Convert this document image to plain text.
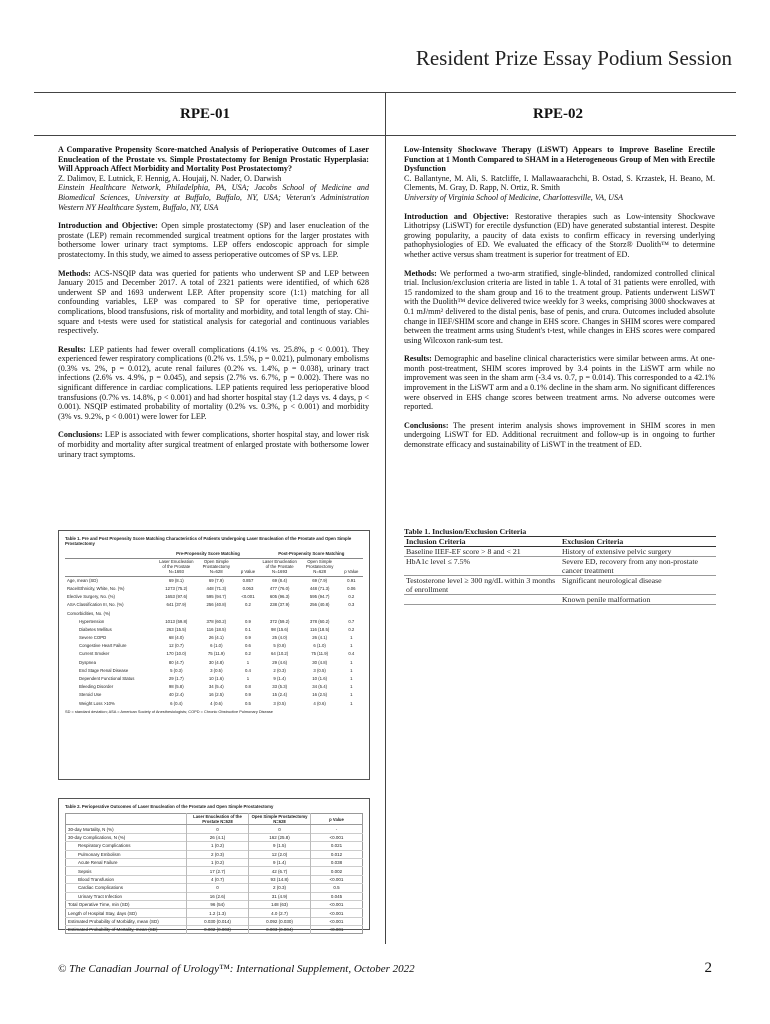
Resident Prize Essay Podium Session
RPE-01	RPE-02
A Comparative Propensity Score-matched Analysis of Perioperative Outcomes of Laser Enucleation of the Prostate vs. Simple Prostatectomy for Benign Prostatic Hyperplasia: Will Approach Affect Morbidity and Mortality Post Prostatectomy?
Z. Dalimov, E. Lutnick, F. Hennig, A. Houjaij, N. Nader, O. Darwish
Einstein Healthcare Network, Philadelphia, PA, USA; Jacobs School of Medicine and Biomedical Sciences, University at Buffalo, Buffalo, NY, USA; Veteran's Administration Western NY Healthcare System, Buffalo, NY, USA

Introduction and Objective: Open simple prostatectomy (SP) and laser enucleation of the prostate (LEP) remain recommended surgical treatment options for the larger prostates with bothersome lower urinary tract symptoms. LEP offers endoscopic approach for simple prostatectomy. In this study, we aimed to assess perioperative outcomes of SP vs. LEP.

Methods: ACS-NSQIP data was queried for patients who underwent SP and LEP between January 2015 and December 2017. A total of 2321 patients were identified, of which 628 underwent SP and 1693 underwent LEP. After propensity score (1:1) matching for all confounding variables, LEP was compared to SP for operative time, perioperative complications, blood transfusions, risk of mortality and morbidity, and total length of stay. Chi-square and t-tests were used for statistical analysis for categorial and continuous variables respectively.

Results: LEP patients had fewer overall complications (4.1% vs. 25.8%, p < 0.001). They experienced fewer respiratory complications (0.2% vs. 1.5%, p = 0.021), pulmonary embolisms (0.3% vs. 2%, p = 0.012), acute renal failures (0.2% vs. 1.4%, p = 0.038), urinary tract infections (2.6% vs. 4.9%, p = 0.045), and sepsis (2.7% vs. 6.7%, p = 0.002). There was no significant difference in cardiac complications. LEP patients required less perioperative blood transfusions (0.7% vs. 14.8%, p < 0.001) and had shorter hospital stay (1.2 days vs. 4 days, p < 0.001). NSQIP estimated probability of mortality (0.2% vs. 0.3%, p < 0.001) and morbidity (3% vs. 9.2%, p < 0.001) were lower for LEP.

Conclusions: LEP is associated with fewer complications, shorter hospital stay, and lower risk of morbidity and mortality after surgical treatment of enlarged prostate with bothersome lower urinary tract symptoms.

Table 1. Pre and Post Propensity Score Matching Characteristics of Patients Undergoing Laser Enucleation of the Prostate and Open Simple Prostatectomy
	Pre-Propensity Score Matching			Post-Propensity Score Matching		
	Laser Enucleation of the Prostate N=1693	Open Simple Prostatectomy N=628	p Value	Laser Enucleation of the Prostate N=1693	Open Simple Prostatectomy N=628	p Value
Age, mean (SD)	69 (8.1)	69 (7.9)	0.857	69 (8.4)	69 (7.9)	0.91
Race/Ethnicity, White, No. (%)	1273 (75.2)	448 (71.3)	0.063	477 (76.0)	448 (71.3)	0.06
Elective Surgery, No. (%)	1653 (97.6)	595 (94.7)	<0.001	605 (96.3)	595 (94.7)	0.2
ASA Classification III, No. (%)	641 (37.9)	256 (40.8)	0.2	238 (37.9)	256 (40.8)	0.3
Comorbidities, No. (%)						
Hypertension	1013 (59.8)	378 (60.2)	0.9	372 (59.2)	378 (60.2)	0.7
Diabetes Mellitus	263 (15.5)	116 (18.5)	0.1	98 (15.6)	116 (18.5)	0.2
Severe COPD	68 (4.0)	26 (4.1)	0.9	25 (4.0)	26 (4.1)	1
Congestive Heart Failure	12 (0.7)	6 (1.0)	0.6	5 (0.8)	6 (1.0)	1
Current Smoker	170 (10.0)	75 (11.9)	0.2	64 (10.2)	75 (11.9)	0.4
Dyspnea	80 (4.7)	30 (4.8)	1	29 (4.6)	30 (4.8)	1
End Stage Renal Disease	5 (0.3)	3 (0.5)	0.4	2 (0.3)	3 (0.5)	1
Dependent Functional Status	29 (1.7)	10 (1.6)	1	9 (1.4)	10 (1.6)	1
Bleeding Disorder	98 (5.8)	34 (5.4)	0.8	33 (5.3)	34 (5.4)	1
Steroid Use	40 (2.4)	16 (2.5)	0.9	15 (2.4)	16 (2.5)	1
Weight Loss >10%	6 (0.4)	4 (0.6)	0.5	3 (0.5)	4 (0.6)	1
SD = standard deviation; ASA = American Society of Anesthesiologists; COPD = Chronic Obstructive Pulmonary Disease
Table 2. Perioperative Outcomes of Laser Enucleation of the Prostate and Open Simple Prostatectomy
	Laser Enucleation of the Prostate N=628	Open Simple Prostatectomy N=628	p Value
30-day Mortality, N (%)	0	0	-
30-day Complications, N (%)	26 (4.1)	162 (25.8)	<0.001
Respiratory Complications	1 (0.2)	9 (1.5)	0.021
Pulmonary Embolism	2 (0.3)	12 (2.0)	0.012
Acute Renal Failure	1 (0.2)	9 (1.4)	0.038
Sepsis	17 (2.7)	42 (6.7)	0.002
Blood Transfusion	4 (0.7)	93 (14.8)	<0.001
Cardiac Complications	0	2 (0.3)	0.5
Urinary Tract Infection	16 (2.6)	31 (4.9)	0.045
Total Operative Time, min (SD)	96 (54)	148 (63)	<0.001
Length of Hospital Stay, days (SD)	1.2 (1.3)	4.0 (2.7)	<0.001
Estimated Probability of Morbidity, mean (SD)	0.030 (0.014)	0.092 (0.030)	<0.001
Estimated Probability of Mortality, mean (SD)	0.002 (0.003)	0.003 (0.004)	<0.001
Low-Intensity Shockwave Therapy (LiSWT) Appears to Improve Baseline Erectile Function at 1 Month Compared to SHAM in a Heterogeneous Group of Men with Erectile Dysfunction
C. Ballantyne, M. Ali, S. Ratcliffe, I. Mallawaarachchi, B. Ostad, S. Krzastek, H. Beano, M. Clements, M. Gray, D. Rapp, N. Ortiz, R. Smith
University of Virginia School of Medicine, Charlottesville, VA, USA

Introduction and Objective: Restorative therapies such as Low-intensity Shockwave Lithotripsy (LiSWT) for erectile dysfunction (ED) have generated substantial interest. Despite growing popularity, a paucity of data exists to confirm efficacy in reversing underlying pathophysiologies of ED. We evaluated the efficacy of the Storz® Duolith™ to determine whether active versus sham treatment is superior for treatment of ED.

Methods: We performed a two-arm stratified, single-blinded, randomized controlled clinical trial. Inclusion/exclusion criteria are listed in table 1. A total of 31 patients were enrolled, with 15 randomized to the sham group and 16 to the treatment group. Patients underwent LiSWT with the Duolith™ device delivered twice weekly for 3 weeks, comprising 3000 shockwaves at 0.1 mJ/mm² delivered to the distal penis, base of penis, and crura. Outcomes included absolute change in IIEF/SHIM score and change in EHS score. Changes in SHIM scores were compared between the treatment arms using Student's t-test, while changes in EHS scores were compared using Wilcoxon rank-sum test.

Results: Demographic and baseline clinical characteristics were similar between arms. At one-month post-treatment, SHIM scores improved by 3.4 points in the LiSWT arm while no improvement was seen in the sham arm (-3.4 vs. 0.7, p = 0.014). This corresponded to a 42.1% improvement in the LiSWT arm and a 0.1% decline in the sham arm. No significant differences were observed in EHS change scores between treatment arms. No adverse outcomes were reported.

Conclusions: The present interim analysis shows improvement in SHIM scores in men undergoing LiSWT for ED. Additional recruitment and follow-up is in ongoing to further demonstrate efficacy and sustainability of LiSWT in the treatment of ED.

Table 1. Inclusion/Exclusion Criteria
Inclusion Criteria	Exclusion Criteria
Baseline IIEF-EF score > 8 and < 21	History of extensive pelvic surgery
HbA1c level ≤ 7.5%	Severe ED, recovery from any non-prostate cancer treatment
Testosterone level ≥ 300 ng/dL within 3 months of enrollment	Significant neurological disease
	Known penile malformation
© The Canadian Journal of Urology™: International Supplement, October 2022	2
